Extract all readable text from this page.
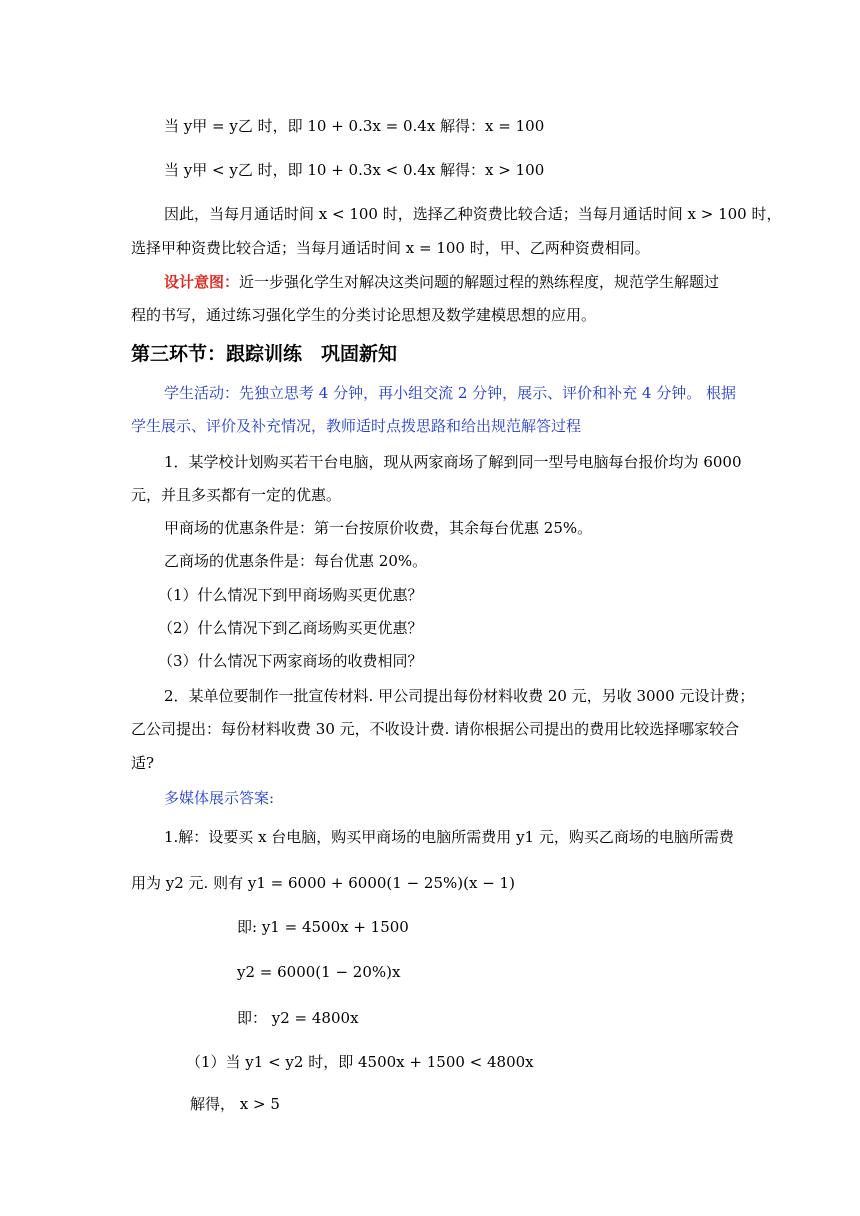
当 y甲 = y乙 时，即 10 + 0.3x = 0.4x 解得：x = 100
当 y甲 < y乙 时，即 10 + 0.3x < 0.4x 解得：x > 100
因此，当每月通话时间 x < 100 时，选择乙种资费比较合适；当每月通话时间 x > 100 时，
选择甲种资费比较合适；当每月通话时间 x = 100 时，甲、乙两种资费相同。
设计意图：近一步强化学生对解决这类问题的解题过程的熟练程度，规范学生解题过
程的书写，通过练习强化学生的分类讨论思想及数学建模思想的应用。
第三环节：跟踪训练　巩固新知
学生活动：先独立思考 4 分钟，再小组交流 2 分钟，展示、评价和补充 4 分钟。 根据
学生展示、评价及补充情况，教师适时点拨思路和给出规范解答过程
1．某学校计划购买若干台电脑，现从两家商场了解到同一型号电脑每台报价均为 6000
元，并且多买都有一定的优惠。
甲商场的优惠条件是：第一台按原价收费，其余每台优惠 25%。
乙商场的优惠条件是：每台优惠 20%。
（1）什么情况下到甲商场购买更优惠？
（2）什么情况下到乙商场购买更优惠？
（3）什么情况下两家商场的收费相同？
2．某单位要制作一批宣传材料. 甲公司提出每份材料收费 20 元，另收 3000 元设计费；
乙公司提出：每份材料收费 30 元，不收设计费. 请你根据公司提出的费用比较选择哪家较合
适?
多媒体展示答案:
1.解：设要买 x 台电脑，购买甲商场的电脑所需费用 y1 元，购买乙商场的电脑所需费
用为 y2 元. 则有 y1 = 6000 + 6000(1 − 25%)(x − 1)
即: y1 = 4500x + 1500
y2 = 6000(1 − 20%)x
即： y2 = 4800x
（1）当 y1 < y2 时，即 4500x + 1500 < 4800x
解得， x > 5
